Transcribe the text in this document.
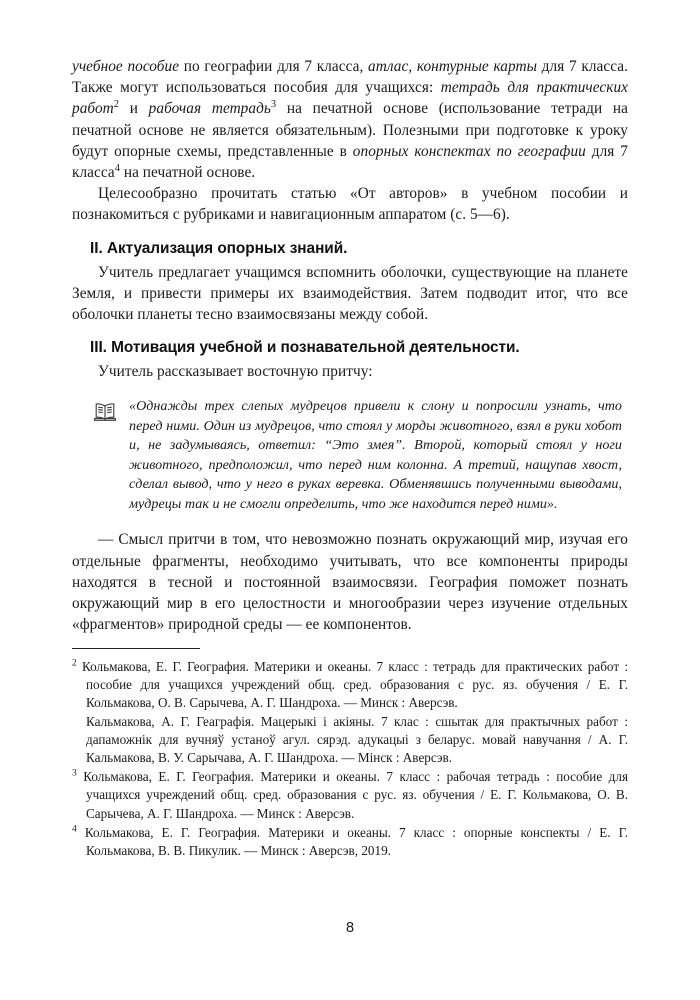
учебное пособие по географии для 7 класса, атлас, контурные карты для 7 класса. Также могут использоваться пособия для учащихся: тетрадь для практических работ$^2$ и рабочая тетрадь$^3$ на печатной основе (использование тетради на печатной основе не является обязательным). Полезными при подготовке к уроку будут опорные схемы, представленные в опорных конспектах по географии для 7 класса$^4$ на печатной основе.

Целесообразно прочитать статью «От авторов» в учебном пособии и познакомиться с рубриками и навигационным аппаратом (с. 5—6).

II. Актуализация опорных знаний.

Учитель предлагает учащимся вспомнить оболочки, существующие на планете Земля, и привести примеры их взаимодействия. Затем подводит итог, что все оболочки планеты тесно взаимосвязаны между собой.

III. Мотивация учебной и познавательной деятельности.

Учитель рассказывает восточную притчу:

«Однажды трех слепых мудрецов привели к слону и попросили узнать, что перед ними. Один из мудрецов, что стоял у морды животного, взял в руки хобот и, не задумываясь, ответил: “Это змея”. Второй, который стоял у ноги животного, предположил, что перед ним колонна. А третий, нащупав хвост, сделал вывод, что у него в руках веревка. Обменявшись полученными выводами, мудрецы так и не смогли определить, что же находится перед ними».

— Смысл притчи в том, что невозможно познать окружающий мир, изучая его отдельные фрагменты, необходимо учитывать, что все компоненты природы находятся в тесной и постоянной взаимосвязи. География поможет познать окружающий мир в его целостности и многообразии через изучение отдельных «фрагментов» природной среды — ее компонентов.

$^2$ Кольмакова, Е. Г. География. Материки и океаны. 7 класс : тетрадь для практических работ : пособие для учащихся учреждений общ. сред. образования с рус. яз. обучения / Е. Г. Кольмакова, О. В. Сарычева, А. Г. Шандроха. — Минск : Аверсэв.

Кальмакова, А. Г. Геаграфія. Мацерыкі і акіяны. 7 клас : сшытак для практычных работ : дапаможнік для вучняў устаноў агул. сярэд. адукацыі з беларус. мовай навучання / А. Г. Кальмакова, В. У. Сарычава, А. Г. Шандроха. — Мінск : Аверсэв.

$^3$ Кольмакова, Е. Г. География. Материки и океаны. 7 класс : рабочая тетрадь : пособие для учащихся учреждений общ. сред. образования с рус. яз. обучения / Е. Г. Кольмакова, О. В. Сарычева, А. Г. Шандроха. — Минск : Аверсэв.

$^4$ Кольмакова, Е. Г. География. Материки и океаны. 7 класс : опорные конспекты / Е. Г. Кольмакова, В. В. Пикулик. — Минск : Аверсэв, 2019.

8
